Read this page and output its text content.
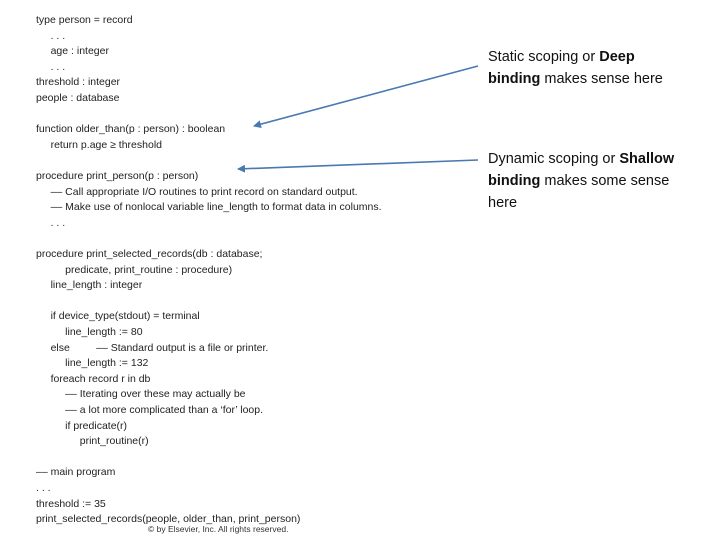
type person = record
. . .
age : integer
. . .
threshold : integer
people : database
function older_than(p : person) : boolean
return p.age ≥ threshold
procedure print_person(p : person)
–– Call appropriate I/O routines to print record on standard output.
–– Make use of nonlocal variable line_length to format data in columns.
. . .
procedure print_selected_records(db : database;
predicate, print_routine : procedure)
line_length : integer
if device_type(stdout) = terminal
line_length := 80
else         –– Standard output is a file or printer.
line_length := 132
foreach record r in db
–– Iterating over these may actually be
–– a lot more complicated than a ‘for’ loop.
if predicate(r)
print_routine(r)
–– main program
. . .
threshold := 35
print_selected_records(people, older_than, print_person)
Static scoping or Deep binding makes sense here
Dynamic scoping or Shallow binding makes some sense here
© by Elsevier, Inc. All rights reserved.
